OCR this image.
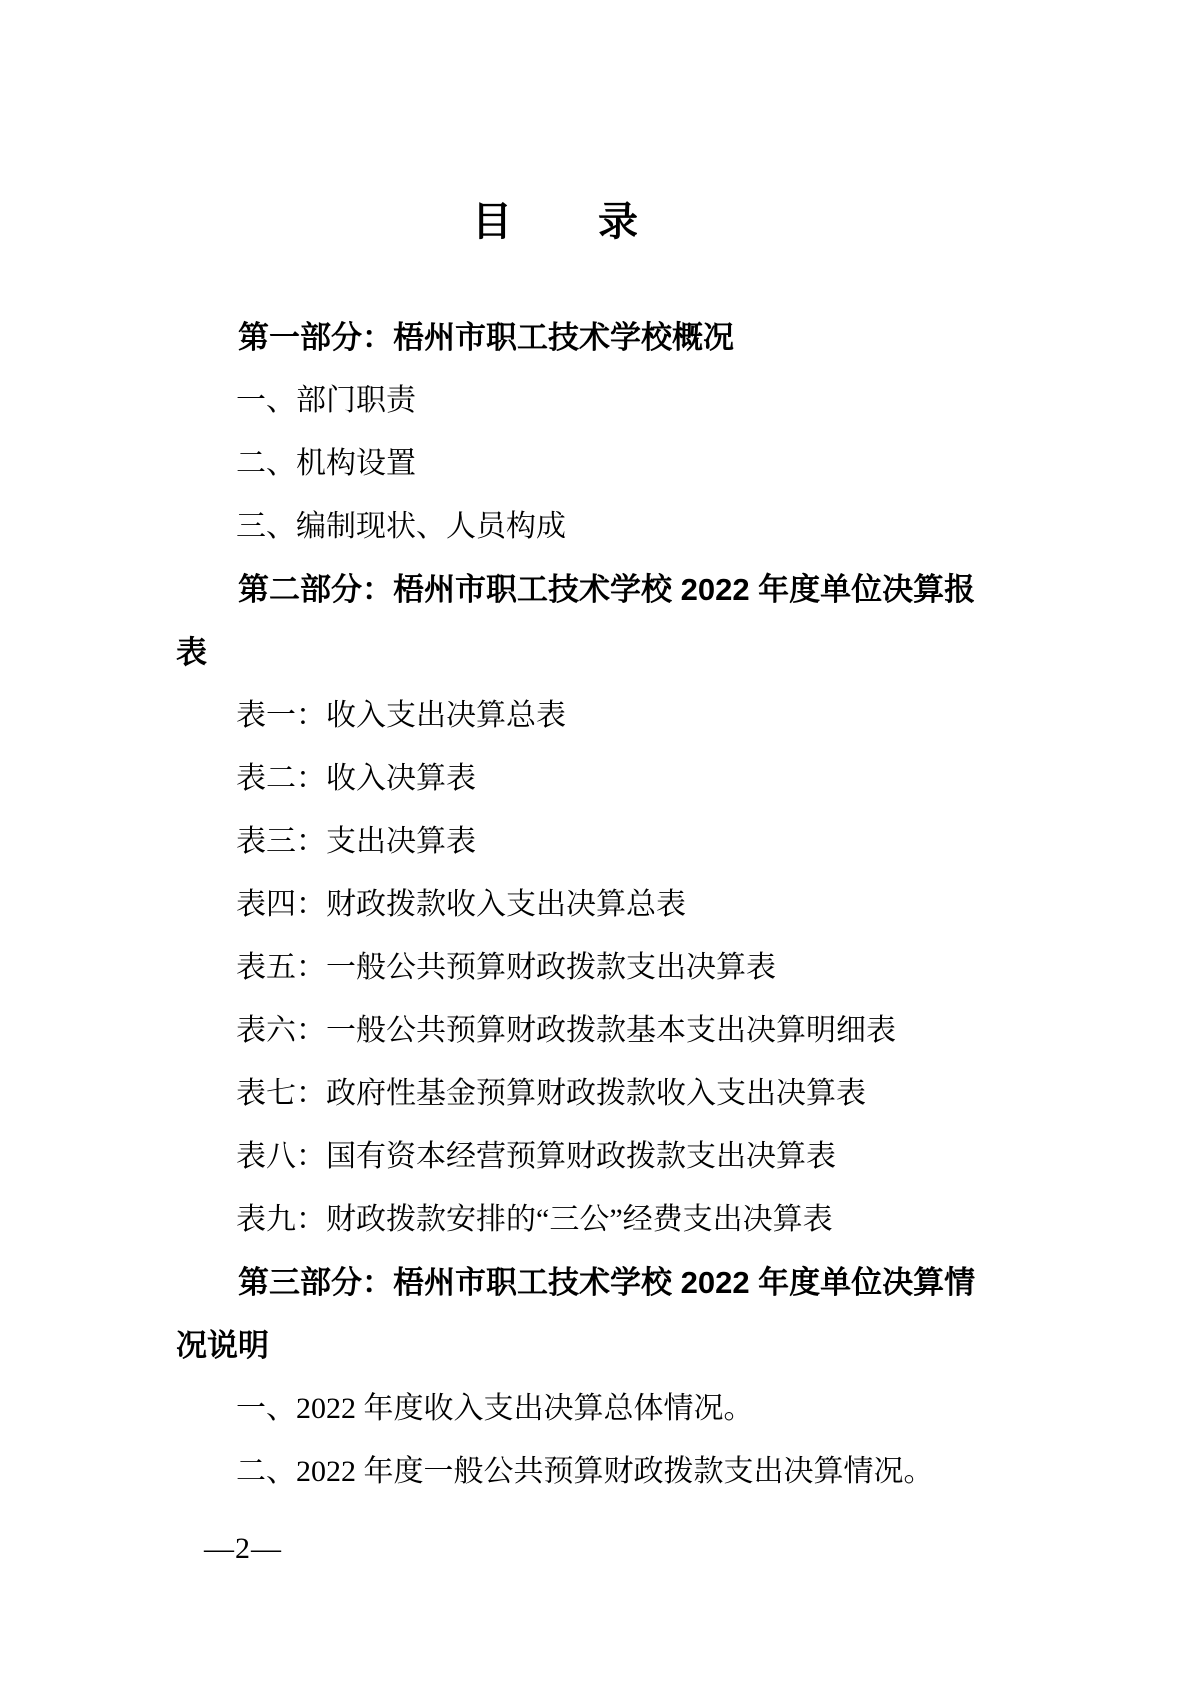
目　　录

第一部分：梧州市职工技术学校概况

一、部门职责

二、机构设置

三、编制现状、人员构成

第二部分：梧州市职工技术学校 2022 年度单位决算报表

表一：收入支出决算总表

表二：收入决算表

表三：支出决算表

表四：财政拨款收入支出决算总表

表五：一般公共预算财政拨款支出决算表

表六：一般公共预算财政拨款基本支出决算明细表

表七：政府性基金预算财政拨款收入支出决算表

表八：国有资本经营预算财政拨款支出决算表

表九：财政拨款安排的“三公”经费支出决算表

第三部分：梧州市职工技术学校 2022 年度单位决算情况说明

一、2022 年度收入支出决算总体情况。

二、2022 年度一般公共预算财政拨款支出决算情况。

—2—
